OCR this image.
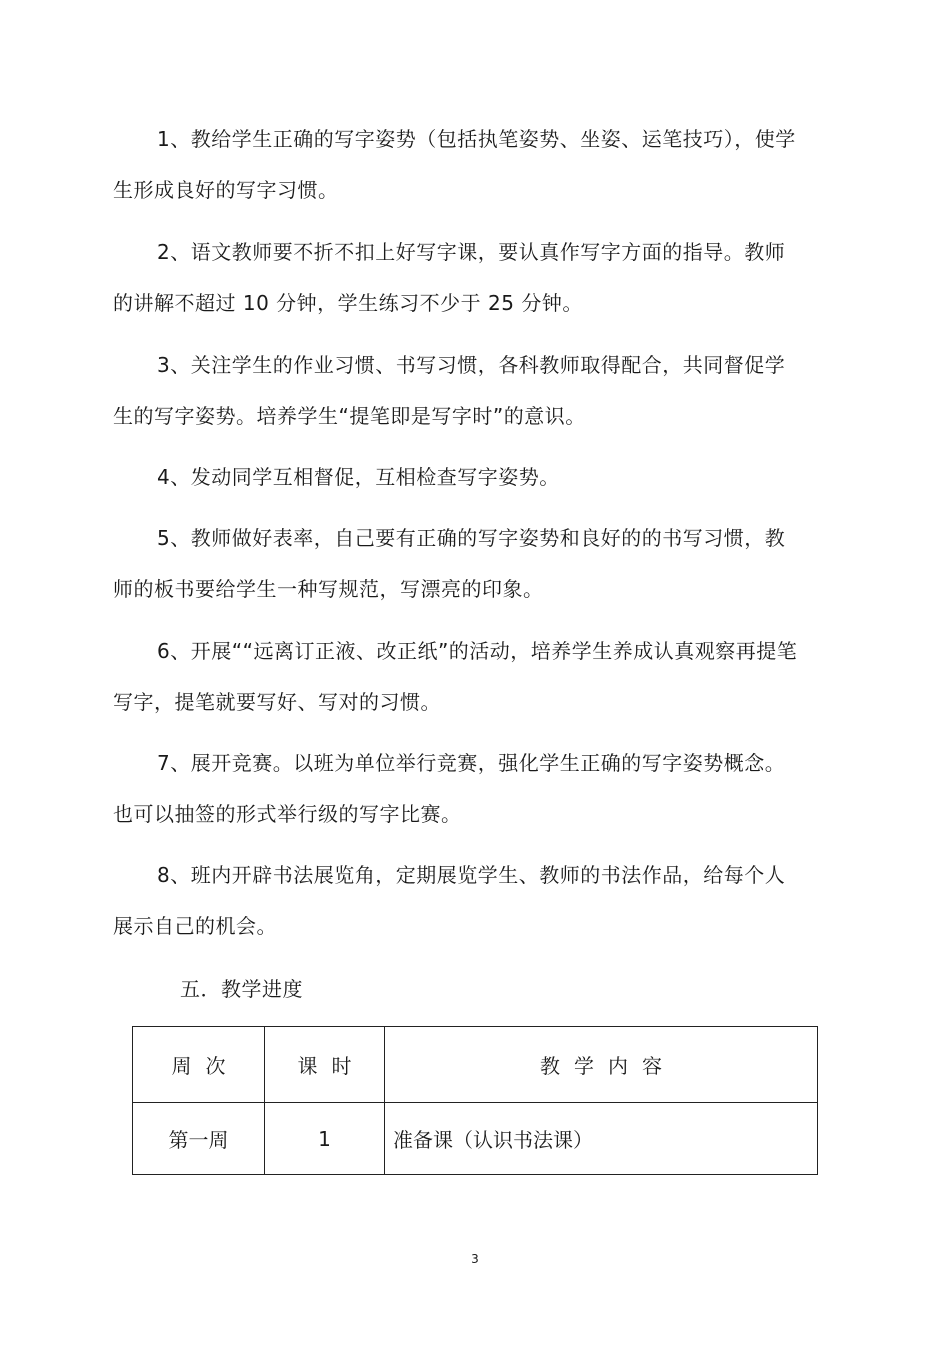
1、教给学生正确的写字姿势（包括执笔姿势、坐姿、运笔技巧），使学生形成良好的写字习惯。

2、语文教师要不折不扣上好写字课，要认真作写字方面的指导。教师的讲解不超过 10 分钟，学生练习不少于 25 分钟。

3、关注学生的作业习惯、书写习惯，各科教师取得配合，共同督促学生的写字姿势。培养学生“提笔即是写字时”的意识。

4、发动同学互相督促，互相检查写字姿势。

5、教师做好表率，自己要有正确的写字姿势和良好的的书写习惯，教师的板书要给学生一种写规范，写漂亮的印象。

6、开展““远离订正液、改正纸”的活动，培养学生养成认真观察再提笔写字，提笔就要写好、写对的习惯。

7、展开竞赛。以班为单位举行竞赛，强化学生正确的写字姿势概念。也可以抽签的形式举行级的写字比赛。

8、班内开辟书法展览角，定期展览学生、教师的书法作品，给每个人展示自己的机会。

五．教学进度

周次	课时	教学内容
第一周	1	准备课（认识书法课）
3
